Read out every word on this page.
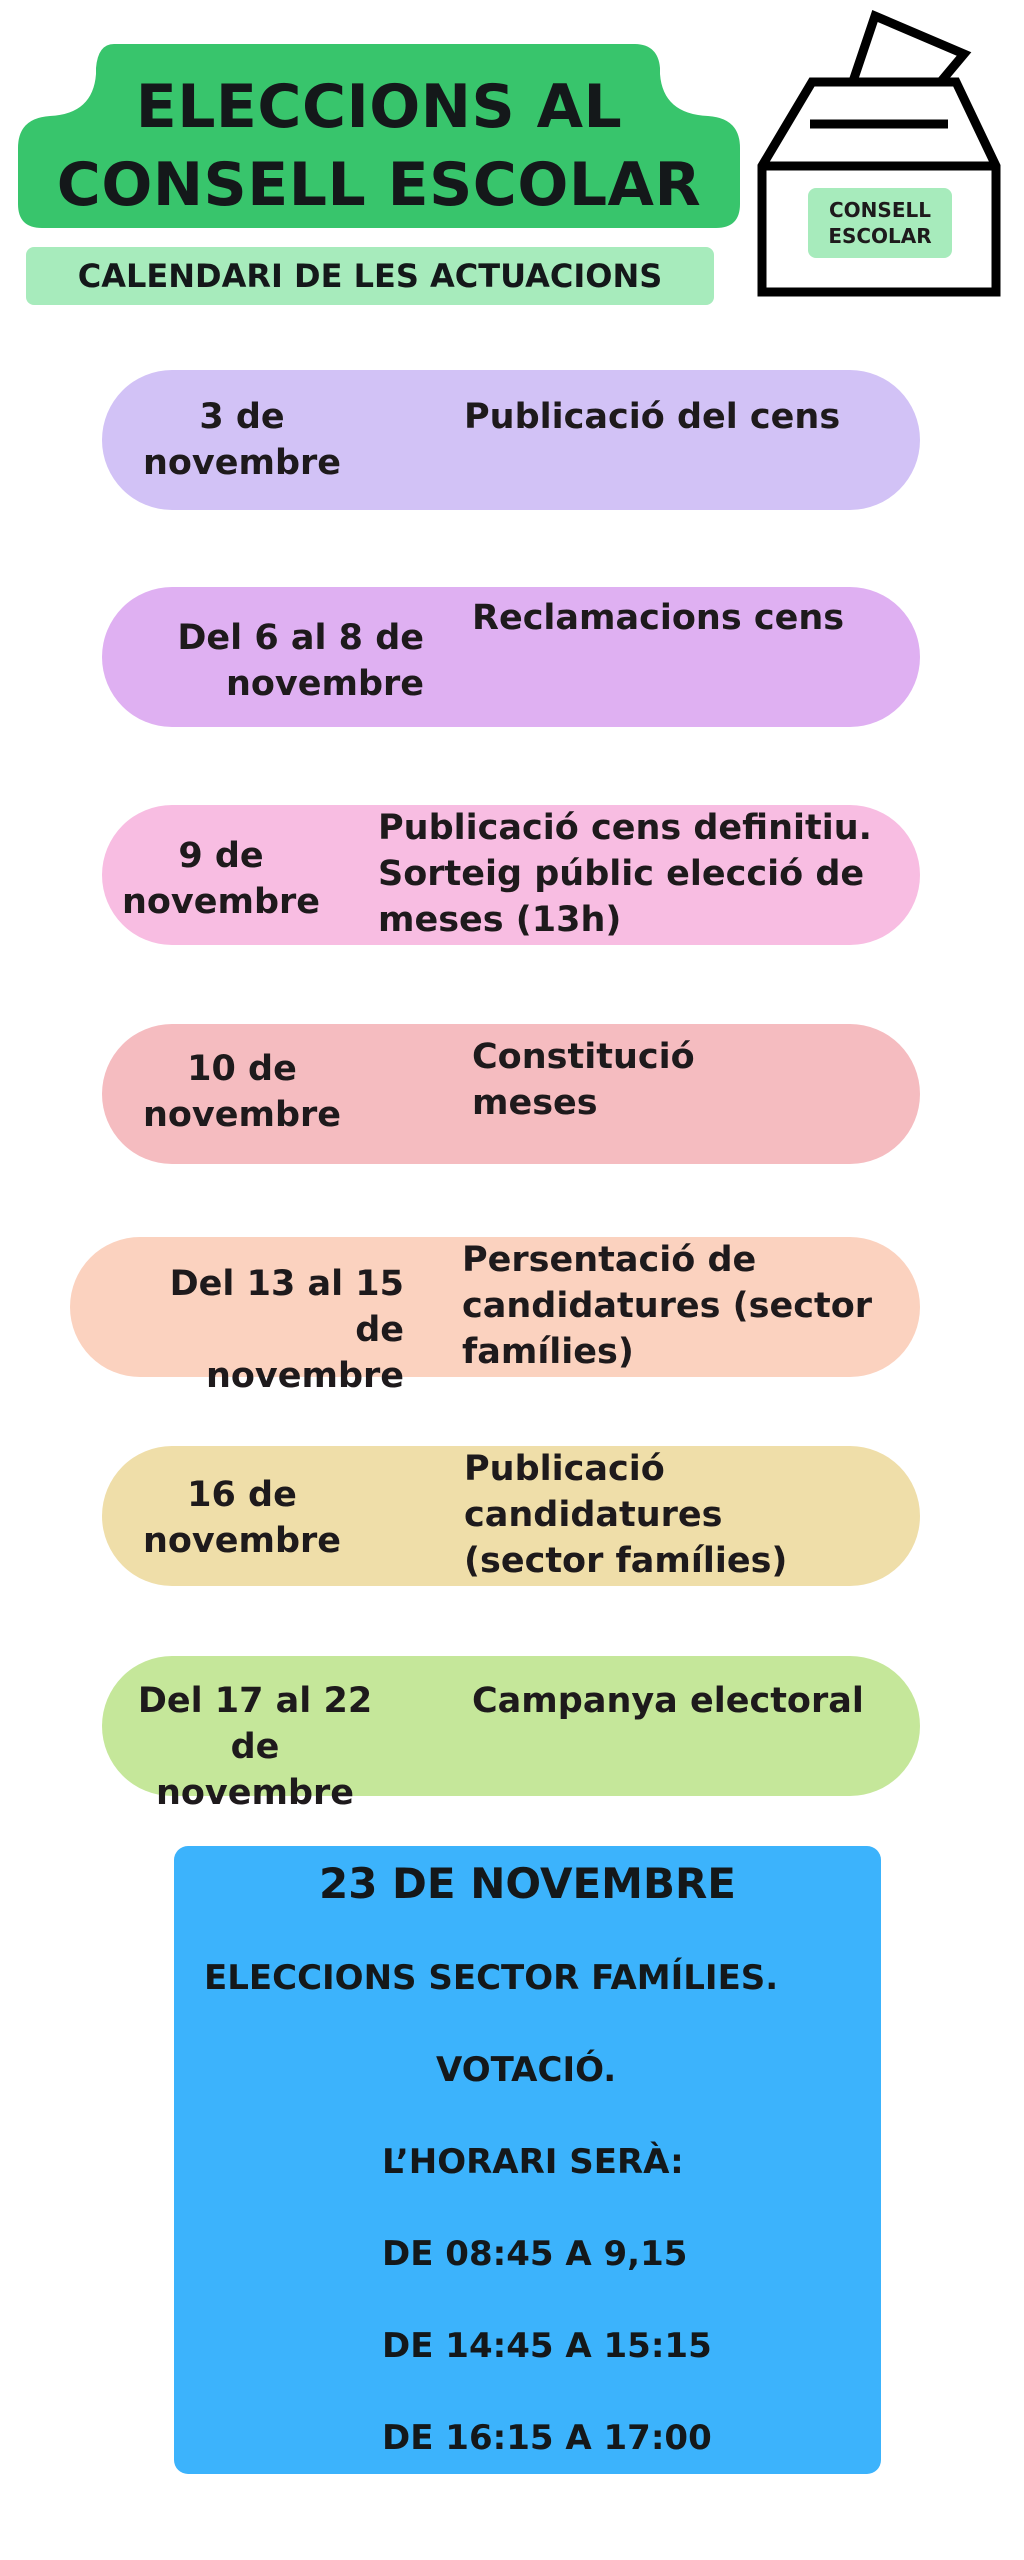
ELECCIONS AL
CONSELL ESCOLAR
CALENDARI DE LES ACTUACIONS
CONSELL
ESCOLAR
3 de
novembre
Publicació del cens
Del 6 al 8 de
novembre
Reclamacions cens
9 de
novembre
Publicació cens definitiu.
Sorteig públic elecció de
meses (13h)
10 de
novembre
Constitució
meses
Del 13 al 15 de
novembre
Persentació de
candidatures (sector
famílies)
16 de
novembre
Publicació
candidatures
(sector famílies)
Del 17 al 22 de
novembre
Campanya electoral
23 DE NOVEMBRE
ELECCIONS SECTOR FAMÍLIES.
VOTACIÓ.
L’HORARI SERÀ:
DE 08:45 A 9,15
DE 14:45 A 15:15
DE 16:15 A 17:00
